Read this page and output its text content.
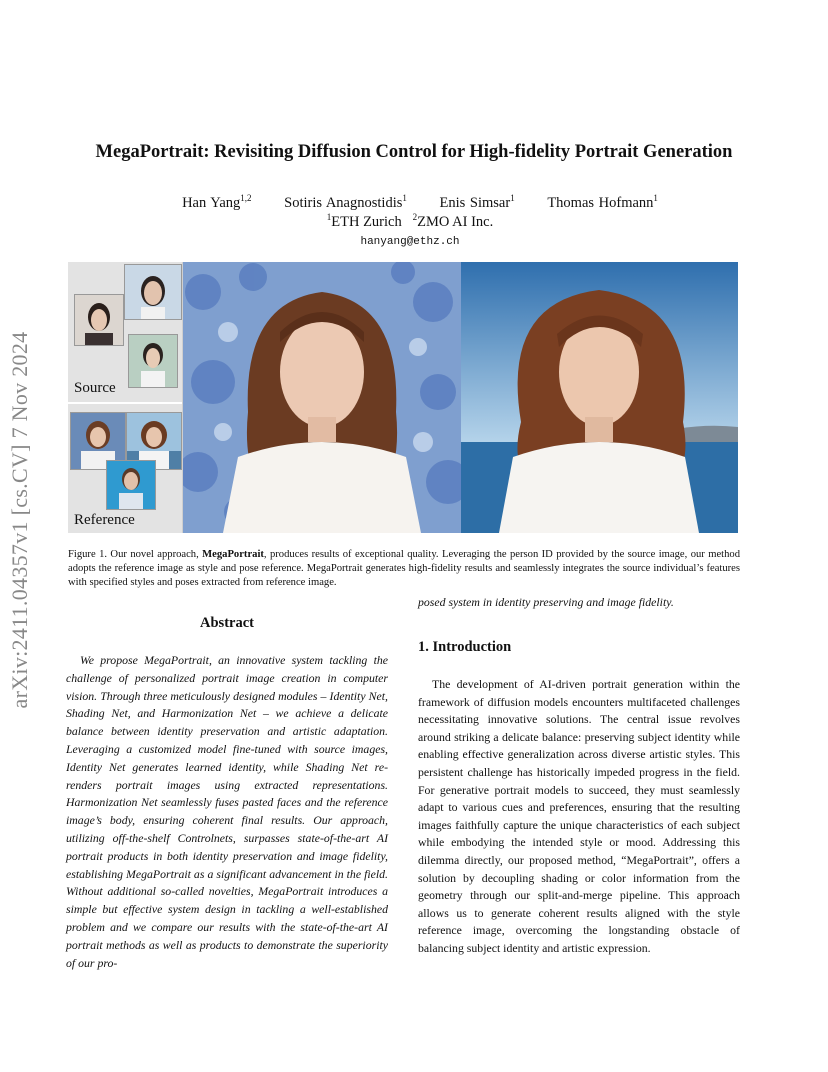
arXiv:2411.04357v1 [cs.CV] 7 Nov 2024
MegaPortrait: Revisiting Diffusion Control for High-fidelity Portrait Generation
Han Yang$^{1,2}$ Sotiris Anagnostidis$^1$ Enis Simsar$^1$ Thomas Hofmann$^1$
$^1$ETH Zurich $^2$ZMO AI Inc.
hanyang@ethz.ch
Source
Reference
Figure 1. Our novel approach, MegaPortrait, produces results of exceptional quality. Leveraging the person ID provided by the source image, our method adopts the reference image as style and pose reference. MegaPortrait generates high-fidelity results and seamlessly integrates the source individual’s features with specified styles and poses extracted from reference image.
Abstract
We propose MegaPortrait, an innovative system tackling the challenge of personalized portrait image creation in computer vision. Through three meticulously designed modules – Identity Net, Shading Net, and Harmonization Net – we achieve a delicate balance between identity preservation and artistic adaptation. Leveraging a customized model fine-tuned with source images, Identity Net generates learned identity, while Shading Net re-renders portrait images using extracted representations. Harmonization Net seamlessly fuses pasted faces and the reference image’s body, ensuring coherent final results. Our approach, utilizing off-the-shelf Controlnets, surpasses state-of-the-art AI portrait products in both identity preservation and image fidelity, establishing MegaPortrait as a significant advancement in the field. Without additional so-called novelties, MegaPortrait introduces a simple but effective system design in tackling a well-established problem and we compare our results with the state-of-the-art AI portrait methods as well as products to demonstrate the superiority of our pro-
posed system in identity preserving and image fidelity.
1. Introduction
The development of AI-driven portrait generation within the framework of diffusion models encounters multifaceted challenges necessitating innovative solutions. The central issue revolves around striking a delicate balance: preserving subject identity while enabling effective generalization across diverse artistic styles. This persistent challenge has historically impeded progress in the field. For generative portrait models to succeed, they must seamlessly adapt to various cues and preferences, ensuring that the resulting images faithfully capture the unique characteristics of each subject while embodying the intended style or mood. Addressing this dilemma directly, our proposed method, “MegaPortrait”, offers a solution by decoupling shading or color information from the geometry through our split-and-merge pipeline. This approach allows us to generate coherent results aligned with the style reference image, overcoming the longstanding obstacle of balancing subject identity and artistic expression.
